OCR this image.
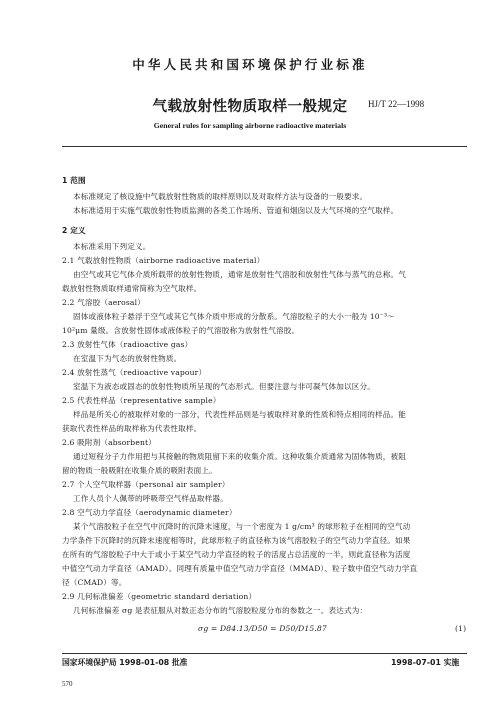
中华人民共和国环境保护行业标准
气载放射性物质取样一般规定	HJ/T 22—1998
General rules for sampling airborne radioactive materials
1 范围
本标准规定了核设施中气载放射性物质的取样原则以及对取样方法与设备的一般要求。
本标准适用于实施气载放射性物质监测的各类工作场所、管道和烟囱以及大气环境的空气取样。
2 定义
本标准采用下列定义。
2.1 气载放射性物质（airborne radioactive material）
由空气或其它气体介质所载带的放射性物质，通常是放射性气溶胶和放射性气体与蒸气的总称。气
载放射性物质取样通常简称为空气取样。
2.2 气溶胶（aerosal）
固体或液体粒子悬浮于空气或其它气体介质中形成的分散系。气溶胶粒子的大小一般为 10⁻³～
10²μm 量级。含放射性固体或液体粒子的气溶胶称为放射性气溶胶。
2.3 放射性气体（radioactive gas）
在室温下为气态的放射性物质。
2.4 放射性蒸气（redioactive vapour）
室温下为液态或固态的放射性物质所呈现的气态形式。但要注意与非可凝气体加以区分。
2.5 代表性样品（representative sample）
样品是所关心的被取样对象的一部分，代表性样品则是与被取样对象的性质和特点相同的样品。能
获取代表性样品的取样称为代表性取样。
2.6 吸附剂（absorbent）
通过短程分子力作用把与其接触的物质阻留下来的收集介质。这种收集介质通常为固体物质，被阻
留的物质一般吸附在收集介质的吸附表面上。
2.7 个人空气取样器（personal air sampler）
工作人员个人佩带的呼吸带空气样品取样器。
2.8 空气动力学直径（aerodynamic diameter）
某个气溶胶粒子在空气中沉降时的沉降末速度，与一个密度为 1 g/cm³ 的球形粒子在相同的空气动
力学条件下沉降时的沉降末速度相等时，此球形粒子的直径称为该气溶胶粒子的空气动力学直径。如果
在所有的气溶胶粒子中大于或小于某空气动力学直径的粒子的活度占总活度的一半，则此直径称为活度
中值空气动力学直径（AMAD）。同理有质量中值空气动力学直径（MMAD）、粒子数中值空气动力学直
径（CMAD）等。
2.9 几何标准偏差（geometric standard deriation）
几何标准偏差 σg 是表征服从对数正态分布的气溶胶粒度分布的参数之一。表达式为：
σg = D84.13/D50 = D50/D15.87	(1)
国家环境保护局 1998-01-08 批准	1998-07-01 实施
570
